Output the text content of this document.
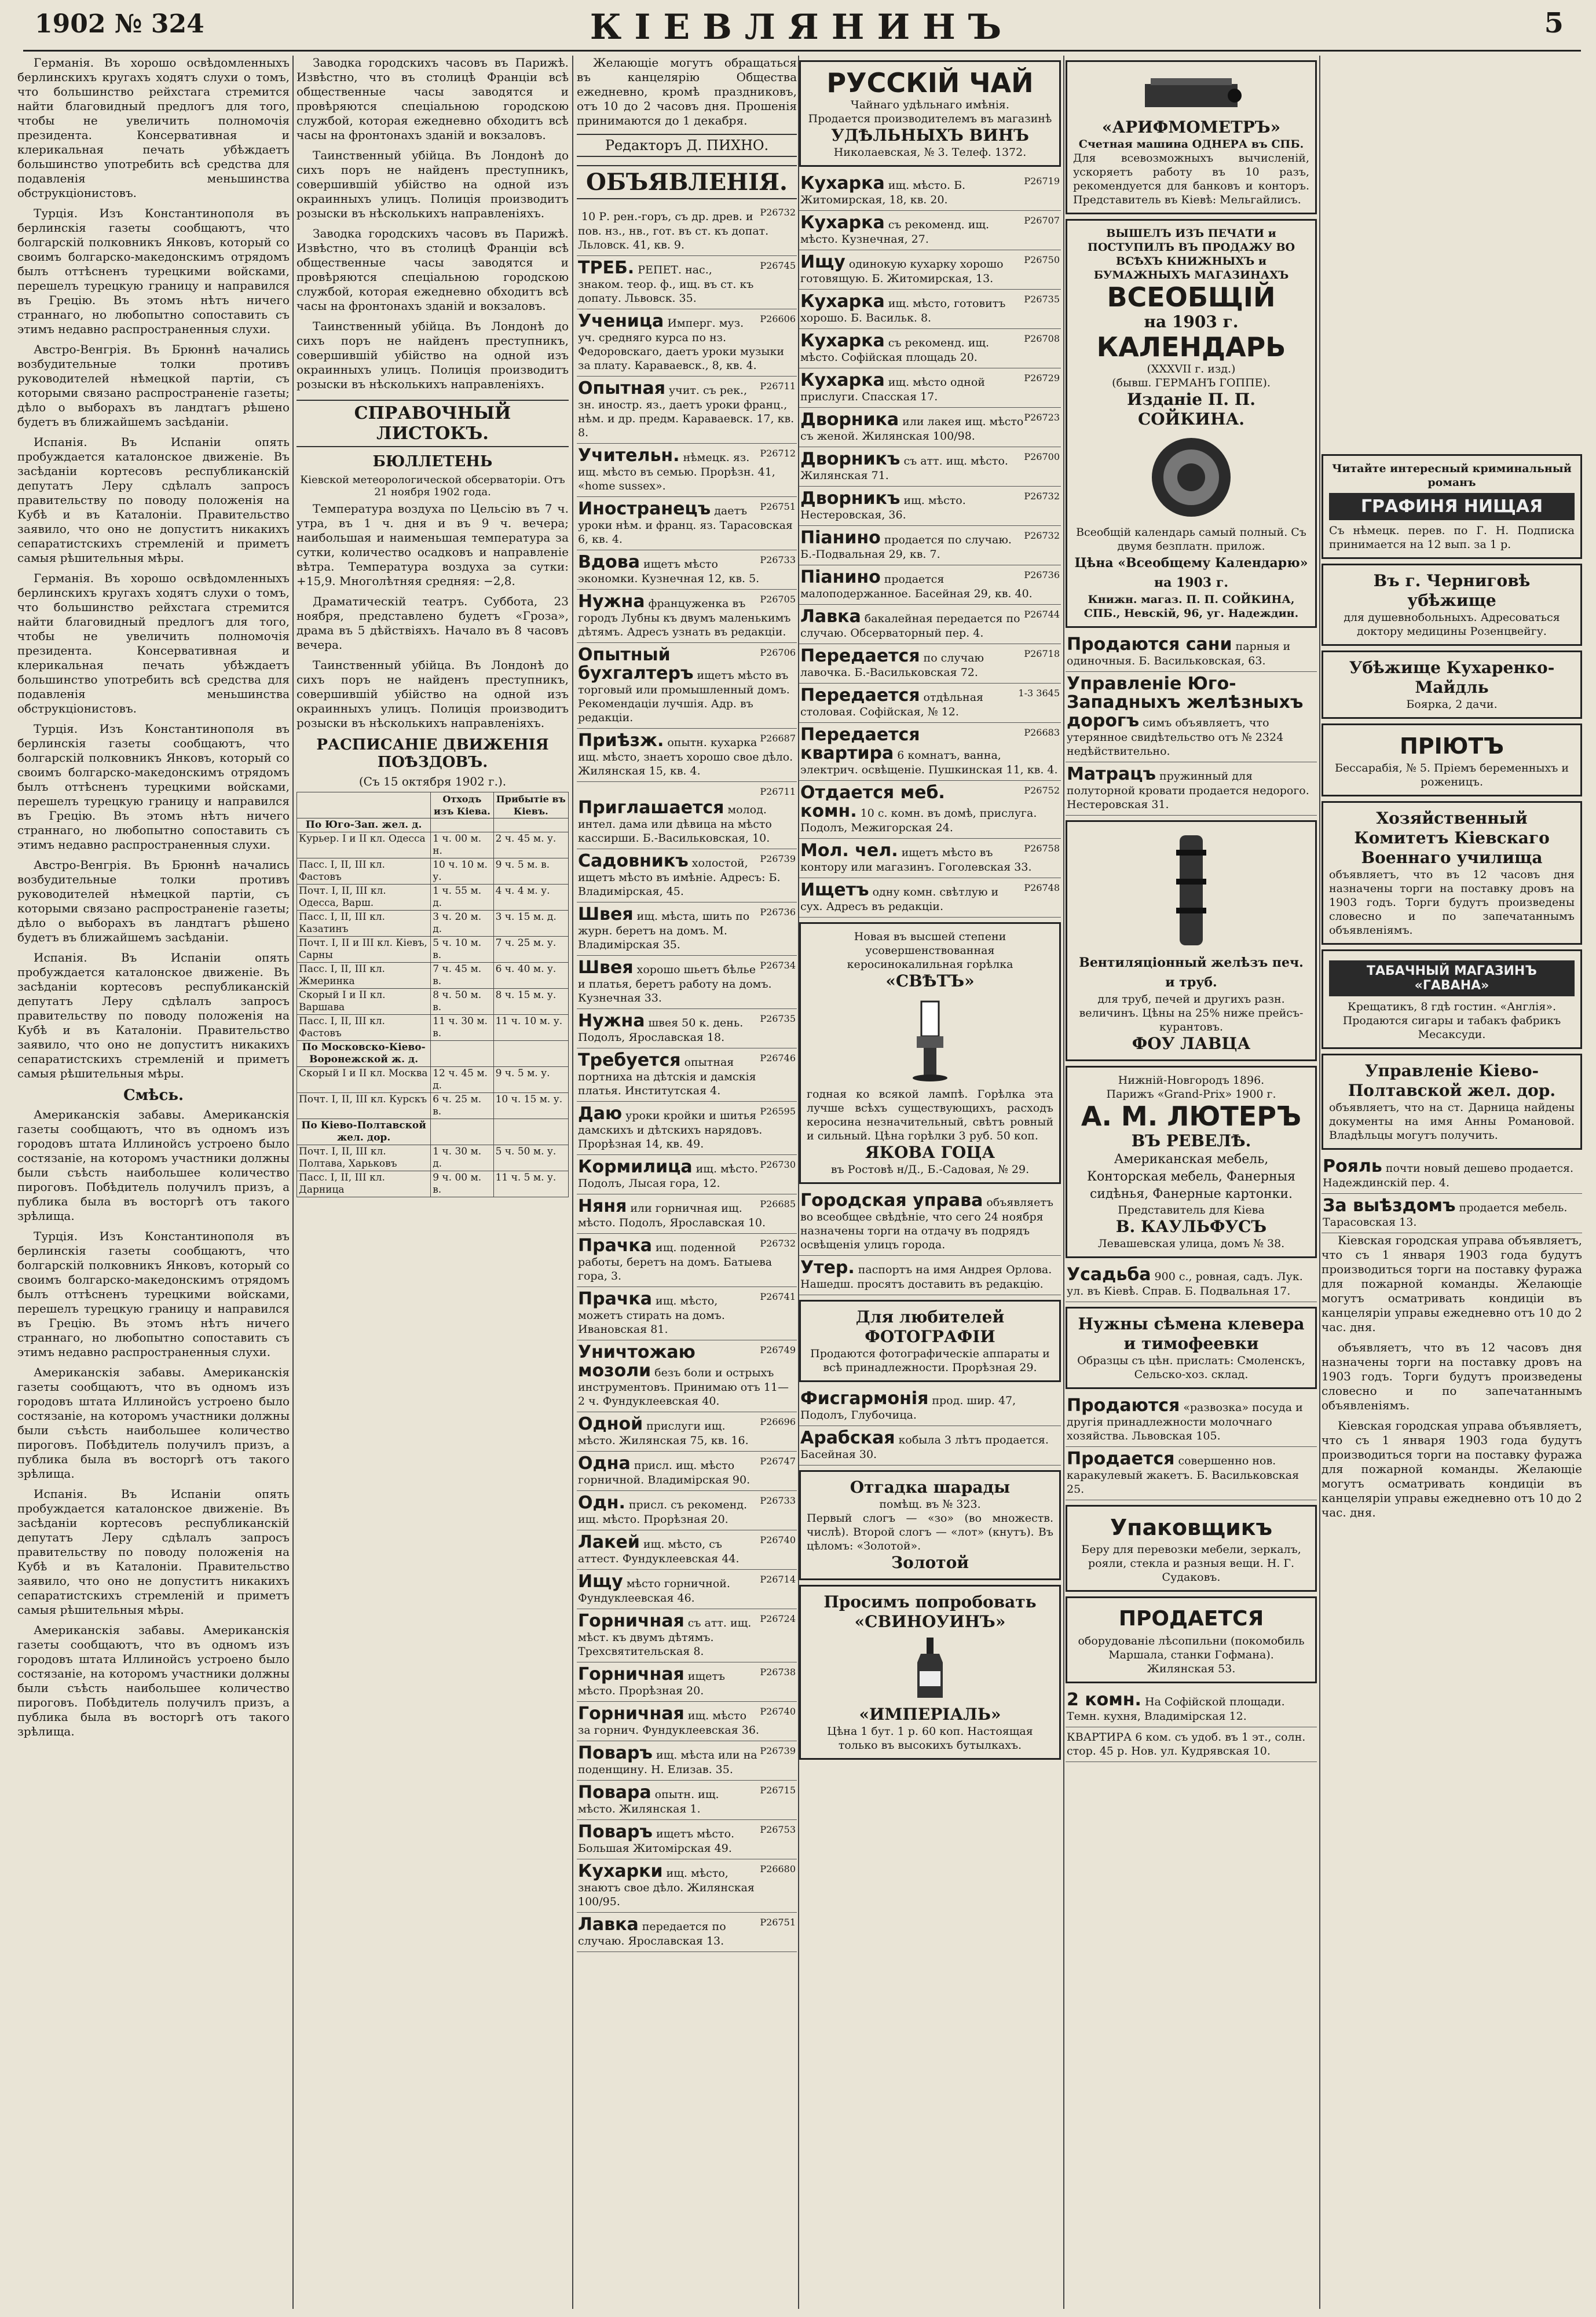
1902 № 324	КІЕВЛЯНИНЪ	5

Германія. Въ хорошо освѣдомленныхъ берлинскихъ кругахъ ходятъ слухи о томъ, что большинство рейхстага стремится найти благовидный предлогъ для того, чтобы не увеличить полномочія президента. Консервативная и клерикальная печать убѣждаетъ большинство употребить всѣ средства для подавленія меньшинства обструкціонистовъ.

Турція. Изъ Константинополя въ берлинскія газеты сообщаютъ, что болгарскій полковникъ Янковъ, который со своимъ болгарско-македонскимъ отрядомъ былъ оттѣсненъ турецкими войсками, перешелъ турецкую границу и направился въ Грецію. Въ этомъ нѣтъ ничего страннаго, но любопытно сопоставить съ этимъ недавно распространенныя слухи.

Австро-Венгрія. Въ Брюннѣ начались возбудительные толки противъ руководителей нѣмецкой партіи, съ которыми связано распространеніе газеты; дѣло о выборахъ въ ландтагъ рѣшено будетъ въ ближайшемъ засѣданіи.

Испанія. Въ Испаніи опять пробуждается каталонское движеніе. Въ засѣданіи кортесовъ республиканскій депутатъ Леру сдѣлалъ запросъ правительству по поводу положенія на Кубѣ и въ Каталоніи. Правительство заявило, что оно не допуститъ никакихъ сепаратистскихъ стремленій и приметъ самыя рѣшительныя мѣры.

Германія. Въ хорошо освѣдомленныхъ берлинскихъ кругахъ ходятъ слухи о томъ, что большинство рейхстага стремится найти благовидный предлогъ для того, чтобы не увеличить полномочія президента. Консервативная и клерикальная печать убѣждаетъ большинство употребить всѣ средства для подавленія меньшинства обструкціонистовъ.

Турція. Изъ Константинополя въ берлинскія газеты сообщаютъ, что болгарскій полковникъ Янковъ, который со своимъ болгарско-македонскимъ отрядомъ былъ оттѣсненъ турецкими войсками, перешелъ турецкую границу и направился въ Грецію. Въ этомъ нѣтъ ничего страннаго, но любопытно сопоставить съ этимъ недавно распространенныя слухи.

Австро-Венгрія. Въ Брюннѣ начались возбудительные толки противъ руководителей нѣмецкой партіи, съ которыми связано распространеніе газеты; дѣло о выборахъ въ ландтагъ рѣшено будетъ въ ближайшемъ засѣданіи.

Испанія. Въ Испаніи опять пробуждается каталонское движеніе. Въ засѣданіи кортесовъ республиканскій депутатъ Леру сдѣлалъ запросъ правительству по поводу положенія на Кубѣ и въ Каталоніи. Правительство заявило, что оно не допуститъ никакихъ сепаратистскихъ стремленій и приметъ самыя рѣшительныя мѣры.

Смѣсь.

Американскія забавы. Американскія газеты сообщаютъ, что въ одномъ изъ городовъ штата Иллинойсъ устроено было состязаніе, на которомъ участники должны были съѣсть наибольшее количество пироговъ. Побѣдитель получилъ призъ, а публика была въ восторгѣ отъ такого зрѣлища.

Турція. Изъ Константинополя въ берлинскія газеты сообщаютъ, что болгарскій полковникъ Янковъ, который со своимъ болгарско-македонскимъ отрядомъ былъ оттѣсненъ турецкими войсками, перешелъ турецкую границу и направился въ Грецію. Въ этомъ нѣтъ ничего страннаго, но любопытно сопоставить съ этимъ недавно распространенныя слухи.

Американскія забавы. Американскія газеты сообщаютъ, что въ одномъ изъ городовъ штата Иллинойсъ устроено было состязаніе, на которомъ участники должны были съѣсть наибольшее количество пироговъ. Побѣдитель получилъ призъ, а публика была въ восторгѣ отъ такого зрѣлища.

Испанія. Въ Испаніи опять пробуждается каталонское движеніе. Въ засѣданіи кортесовъ республиканскій депутатъ Леру сдѣлалъ запросъ правительству по поводу положенія на Кубѣ и въ Каталоніи. Правительство заявило, что оно не допуститъ никакихъ сепаратистскихъ стремленій и приметъ самыя рѣшительныя мѣры.

Американскія забавы. Американскія газеты сообщаютъ, что въ одномъ изъ городовъ штата Иллинойсъ устроено было состязаніе, на которомъ участники должны были съѣсть наибольшее количество пироговъ. Побѣдитель получилъ призъ, а публика была въ восторгѣ отъ такого зрѣлища.

Заводка городскихъ часовъ въ Парижѣ. Извѣстно, что въ столицѣ Франціи всѣ общественные часы заводятся и провѣряются спеціальною городскою службой, которая ежедневно обходитъ всѣ часы на фронтонахъ зданій и вокзаловъ.

Таинственный убійца. Въ Лондонѣ до сихъ поръ не найденъ преступникъ, совершившій убійство на одной изъ окраинныхъ улицъ. Полиція производитъ розыски въ нѣсколькихъ направленіяхъ.

Заводка городскихъ часовъ въ Парижѣ. Извѣстно, что въ столицѣ Франціи всѣ общественные часы заводятся и провѣряются спеціальною городскою службой, которая ежедневно обходитъ всѣ часы на фронтонахъ зданій и вокзаловъ.

Таинственный убійца. Въ Лондонѣ до сихъ поръ не найденъ преступникъ, совершившій убійство на одной изъ окраинныхъ улицъ. Полиція производитъ розыски въ нѣсколькихъ направленіяхъ.

СПРАВОЧНЫЙ ЛИСТОКЪ.
БЮЛЛЕТЕНЬ
Кіевской метеорологической обсерваторіи. Отъ 21 ноября 1902 года.

Температура воздуха по Цельсію въ 7 ч. утра, въ 1 ч. дня и въ 9 ч. вечера; наибольшая и наименьшая температура за сутки, количество осадковъ и направленіе вѣтра. Температура воздуха за сутки: +15,9. Многолѣтняя средняя: −2,8.

Драматическій театръ. Суббота, 23 ноября, представлено будетъ «Гроза», драма въ 5 дѣйствіяхъ. Начало въ 8 часовъ вечера.

Таинственный убійца. Въ Лондонѣ до сихъ поръ не найденъ преступникъ, совершившій убійство на одной изъ окраинныхъ улицъ. Полиція производитъ розыски въ нѣсколькихъ направленіяхъ.

РАСПИСАНІЕ ДВИЖЕНІЯ ПОѢЗДОВЪ.
(Съ 15 октября 1902 г.).
	Отходъ изъ Кіева.	Прибытіе въ Кіевъ.
По Юго-Зап. жел. д.		
Курьер. I и II кл. Одесса	1 ч. 00 м. н.	2 ч. 45 м. у.
Пасс. I, II, III кл. Фастовъ	10 ч. 10 м. у.	9 ч. 5 м. в.
Почт. I, II, III кл. Одесса, Варш.	1 ч. 55 м. д.	4 ч. 4 м. у.
Пасс. I, II, III кл. Казатинъ	3 ч. 20 м. д.	3 ч. 15 м. д.
Почт. I, II и III кл. Кіевъ, Сарны	5 ч. 10 м. в.	7 ч. 25 м. у.
Пасс. I, II, III кл. Жмеринка	7 ч. 45 м. в.	6 ч. 40 м. у.
Скорый I и II кл. Варшава	8 ч. 50 м. в.	8 ч. 15 м. у.
Пасс. I, II, III кл. Фастовъ	11 ч. 30 м. в.	11 ч. 10 м. у.
По Московско-Кіево-Воронежской ж. д.		
Скорый I и II кл. Москва	12 ч. 45 м. д.	9 ч. 5 м. у.
Почт. I, II, III кл. Курскъ	6 ч. 25 м. в.	10 ч. 15 м. у.
По Кіево-Полтавской жел. дор.		
Почт. I, II, III кл. Полтава, Харьковъ	1 ч. 30 м. д.	5 ч. 50 м. у.
Пасс. I, II, III кл. Дарница	9 ч. 00 м. в.	11 ч. 5 м. у.

Желающіе могутъ обращаться въ канцелярію Общества ежедневно, кромѣ праздниковъ, отъ 10 до 2 часовъ дня. Прошенія принимаются до 1 декабря.

Редакторъ Д. ПИХНО.
ОБЪЯВЛЕНІЯ.
Р26732
10 Р. рен.-горъ, съ др. древ. и пов. нз., нв., гот. въ ст. къ допат. Льловск. 41, кв. 9.
Р26745
ТРЕБ. РЕПЕТ. нас., знаком. теор. ф., ищ. въ ст. къ допату. Львовск. 35.
Р26606
Ученица Имперг. муз. уч. средняго курса по нз. Федоровскаго, даетъ уроки музыки за плату. Караваевск., 8, кв. 4.
Р26711
Опытная учит. съ рек., зн. иностр. яз., даетъ уроки франц., нѣм. и др. предм. Караваевск. 17, кв. 8.
Р26712
Учительн. нѣмецк. яз. ищ. мѣсто въ семью. Прорѣзн. 41, «home sussex».
Р26751
Иностранецъ даетъ уроки нѣм. и франц. яз. Тарасовская 6, кв. 4.
Р26733
Вдова ищетъ мѣсто экономки. Кузнечная 12, кв. 5.
Р26705
Нужна француженка въ городъ Лубны къ двумъ маленькимъ дѣтямъ. Адресъ узнать въ редакціи.
Р26706
Опытный бухгалтеръ ищетъ мѣсто въ торговый или промышленный домъ. Рекомендаціи лучшія. Адр. въ редакціи.
Р26687
Приѣзж. опытн. кухарка ищ. мѣсто, знаетъ хорошо свое дѣло. Жилянская 15, кв. 4.
Р26711
Приглашается молод. интел. дама или дѣвица на мѣсто кассирши. Б.-Васильковская, 10.
Р26739
Садовникъ холостой, ищетъ мѣсто въ имѣніе. Адресъ: Б. Владимірская, 45.
Р26736
Швея ищ. мѣста, шить по журн. беретъ на домъ. М. Владимірская 35.
Р26734
Швея хорошо шьетъ бѣлье и платья, беретъ работу на домъ. Кузнечная 33.
Р26735
Нужна швея 50 к. день. Подолъ, Ярославская 18.
Р26746
Требуется опытная портниха на дѣтскія и дамскія платья. Институтская 4.
Р26595
Даю уроки кройки и шитья дамскихъ и дѣтскихъ нарядовъ. Прорѣзная 14, кв. 49.
Р26730
Кормилица ищ. мѣсто. Подолъ, Лысая гора, 12.
Р26685
Няня или горничная ищ. мѣсто. Подолъ, Ярославская 10.
Р26732
Прачка ищ. поденной работы, беретъ на домъ. Батыева гора, 3.
Р26741
Прачка ищ. мѣсто, можетъ стирать на домъ. Ивановская 81.
Р26749
Уничтожаю мозоли безъ боли и острыхъ инструментовъ. Принимаю отъ 11—2 ч. Фундуклеевская 40.
Р26696
Одной прислуги ищ. мѣсто. Жилянская 75, кв. 16.
Р26747
Одна присл. ищ. мѣсто горничной. Владимірская 90.
Р26733
Одн. присл. съ рекоменд. ищ. мѣсто. Прорѣзная 20.
Р26740
Лакей ищ. мѣсто, съ аттест. Фундуклеевская 44.
Р26714
Ищу мѣсто горничной. Фундуклеевская 46.
Р26724
Горничная съ атт. ищ. мѣст. къ двумъ дѣтямъ. Трехсвятительская 8.
Р26738
Горничная ищетъ мѣсто. Прорѣзная 20.
Р26740
Горничная ищ. мѣсто за горнич. Фундуклеевская 36.
Р26739
Поваръ ищ. мѣста или на поденщину. Н. Елизав. 35.
Р26715
Повара опытн. ищ. мѣсто. Жилянская 1.
Р26753
Поваръ ищетъ мѣсто. Большая Житомірская 49.
Р26680
Кухарки ищ. мѣсто, знаютъ свое дѣло. Жилянская 100/95.
Р26751
Лавка передается по случаю. Ярославская 13.
РУССКІЙ ЧАЙ
Чайнаго удѣльнаго имѣнія.
Продается производителемъ въ магазинѣ
УДѢЛЬНЫХЪ ВИНЪ
Николаевская, № 3. Телеф. 1372.
Р26719
Кухарка ищ. мѣсто. Б. Житомирская, 18, кв. 20.
Р26707
Кухарка съ рекоменд. ищ. мѣсто. Кузнечная, 27.
Р26750
Ищу одинокую кухарку хорошо готовящую. Б. Житомирская, 13.
Р26735
Кухарка ищ. мѣсто, готовитъ хорошо. Б. Васильк. 8.
Р26708
Кухарка съ рекоменд. ищ. мѣсто. Софійская площадь 20.
Р26729
Кухарка ищ. мѣсто одной прислуги. Спасская 17.
Р26723
Дворника или лакея ищ. мѣсто съ женой. Жилянская 100/98.
Р26700
Дворникъ съ атт. ищ. мѣсто. Жилянская 71.
Р26732
Дворникъ ищ. мѣсто. Нестеровская, 36.
Р26732
Піанино продается по случаю. Б.-Подвальная 29, кв. 7.
Р26736
Піанино продается малоподержанное. Басейная 29, кв. 40.
Р26744
Лавка бакалейная передается по случаю. Обсерваторный пер. 4.
Р26718
Передается по случаю лавочка. Б.-Васильковская 72.
1-3 3645
Передается отдѣльная столовая. Софійская, № 12.
Р26683
Передается квартира 6 комнатъ, ванна, электрич. освѣщеніе. Пушкинская 11, кв. 4.
Р26752
Отдается меб. комн. 10 с. комн. въ домѣ, прислуга. Подолъ, Межигорская 24.
Р26758
Мол. чел. ищетъ мѣсто въ контору или магазинъ. Гоголевская 33.
Р26748
Ищетъ одну комн. свѣтлую и сух. Адресъ въ редакціи.
Новая въ высшей степени усовершенствованная керосинокалильная горѣлка
«СВѢТЪ»
годная ко всякой лампѣ. Горѣлка эта лучше всѣхъ существующихъ, расходъ керосина незначительный, свѣтъ ровный и сильный. Цѣна горѣлки 3 руб. 50 коп.
ЯКОВА ГОЦА
въ Ростовѣ н/Д., Б.-Садовая, № 29.
Городская управа объявляетъ во всеобщее свѣдѣніе, что сего 24 ноября назначены торги на отдачу въ подрядъ освѣщенія улицъ города.
Утер. паспортъ на имя Андрея Орлова. Нашедш. просятъ доставить въ редакцію.
Для любителей ФОТОГРАФІИ
Продаются фотографическіе аппараты и всѣ принадлежности. Прорѣзная 29.
Фисгармонія прод. шир. 47, Подолъ, Глубочица.
Арабская кобыла 3 лѣтъ продается. Басейная 30.
Отгадка шарады
помѣщ. въ № 323.
Первый слогъ — «зо» (во множеств. числѣ). Второй слогъ — «лот» (кнутъ). Въ цѣломъ: «Золотой».
Золотой
Просимъ попробовать
«СВИНОУИНЪ»
«ИМПЕРІАЛЬ»
Цѣна 1 бут. 1 р. 60 коп. Настоящая только въ высокихъ бутылкахъ.
«АРИФМОМЕТРЪ»
Счетная машина ОДНЕРА въ СПБ.
Для всевозможныхъ вычисленій, ускоряетъ работу въ 10 разъ, рекомендуется для банковъ и конторъ. Представитель въ Кіевѣ: Мельгайлисъ.
ВЫШЕЛЪ ИЗЪ ПЕЧАТИ и ПОСТУПИЛЪ ВЪ ПРОДАЖУ ВО ВСѢХЪ КНИЖНЫХЪ и БУМАЖНЫХЪ МАГАЗИНАХЪ
ВСЕОБЩІЙ
на 1903 г.
КАЛЕНДАРЬ
(XXXVII г. изд.)
(бывш. ГЕРМАНЪ ГОППЕ).
Изданіе П. П. СОЙКИНА.
Всеобщій календарь самый полный. Съ двумя безплатн. прилож.
Цѣна «Всеобщему Календарю» на 1903 г.
Книжн. магаз. П. П. СОЙКИНА, СПБ., Невскій, 96, уг. Надеждин.
Продаются сани парныя и одиночныя. Б. Васильковская, 63.
Управленіе Юго-Западныхъ желѣзныхъ дорогъ симъ объявляетъ, что утерянное свидѣтельство отъ № 2324 недѣйствительно.
Матрацъ пружинный для полуторной кровати продается недорого. Нестеровская 31.
Вентиляціонный желѣзъ печ. и труб.
для труб, печей и другихъ разн. величинъ. Цѣны на 25% ниже прейсъ-курантовъ.
ФОУ ЛАВЦА
Нижній-Новгородъ 1896.
Парижъ «Grand-Prix» 1900 г.
А. М. ЛЮТЕРЪ
ВЪ РЕВЕЛѢ.
Американская мебель, Конторская мебель, Фанерныя сидѣнья, Фанерные картонки.
Представитель для Кіева
В. КАУЛЬФУСЪ
Левашевская улица, домъ № 38.
Усадьба 900 с., ровная, садъ. Лук. ул. въ Кіевѣ. Справ. Б. Подвальная 17.
Нужны сѣмена клевера и тимофеевки
Образцы съ цѣн. прислать: Смоленскъ, Сельско-хоз. склад.
Продаются «развозка» посуда и другія принадлежности молочнаго хозяйства. Львовская 105.
Продается совершенно нов. каракулевый жакетъ. Б. Васильковская 25.
Упаковщикъ
Беру для перевозки мебели, зеркалъ, рояли, стекла и разныя вещи. Н. Г. Судаковъ.
ПРОДАЕТСЯ
оборудованіе лѣсопильни (покомобиль Маршала, станки Гофмана). Жилянская 53.
2 комн. На Софійской площади. Темн. кухня, Владимірская 12.
КВАРТИРА 6 ком. съ удоб. въ 1 эт., солн. стор. 45 р. Нов. ул. Кудрявская 10.
Читайте интересный криминальный романъ
ГРАФИНЯ НИЩАЯ
Съ нѣмецк. перев. по Г. Н. Подписка принимается на 12 вып. за 1 р.
Въ г. Черниговѣ убѣжище
для душевнобольныхъ. Адресоваться доктору медицины Розенцвейгу.
Убѣжище Кухаренко-Майдль
Боярка, 2 дачи.
ПРІЮТЪ
Бессарабія, № 5. Пріемъ беременныхъ и роженицъ.
Хозяйственный Комитетъ Кіевскаго Военнаго училища
объявляетъ, что въ 12 часовъ дня назначены торги на поставку дровъ на 1903 годъ. Торги будутъ произведены словесно и по запечатаннымъ объявленіямъ.
ТАБАЧНЫЙ МАГАЗИНЪ «ГАВАНА»
Крещатикъ, 8 гдѣ гостин. «Англія». Продаются сигары и табакъ фабрикъ Месаксуди.
Управленіе Кіево-Полтавской жел. дор.
объявляетъ, что на ст. Дарница найдены документы на имя Анны Романовой. Владѣльцы могутъ получить.
Рояль почти новый дешево продается. Надеждинскій пер. 4.
За выѣздомъ продается мебель. Тарасовская 13.

Кіевская городская управа объявляетъ, что съ 1 января 1903 года будутъ производиться торги на поставку фуража для пожарной команды. Желающіе могутъ осматривать кондиціи въ канцеляріи управы ежедневно отъ 10 до 2 час. дня.

объявляетъ, что въ 12 часовъ дня назначены торги на поставку дровъ на 1903 годъ. Торги будутъ произведены словесно и по запечатаннымъ объявленіямъ.

Кіевская городская управа объявляетъ, что съ 1 января 1903 года будутъ производиться торги на поставку фуража для пожарной команды. Желающіе могутъ осматривать кондиціи въ канцеляріи управы ежедневно отъ 10 до 2 час. дня.
